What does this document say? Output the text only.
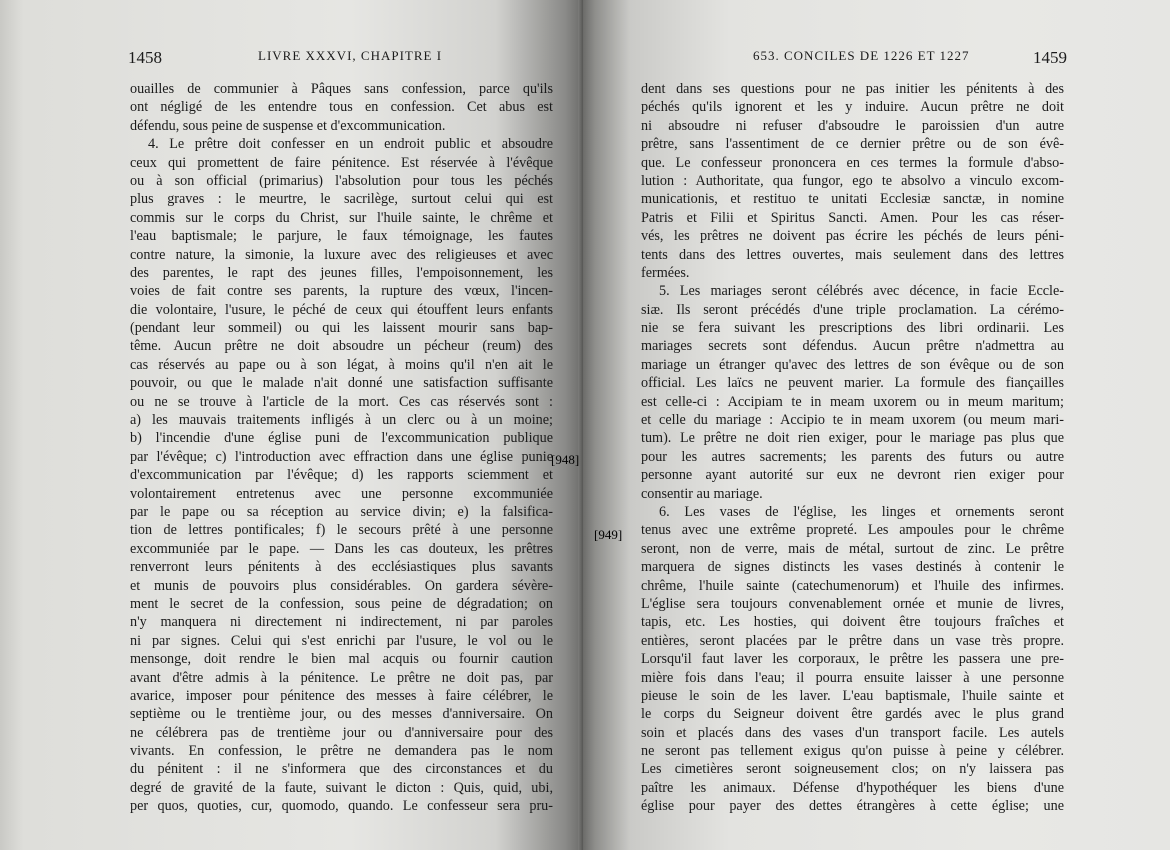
1458	LIVRE XXXVI, CHAPITRE I
ouailles de communier à Pâques sans confession, parce qu'ils
ont négligé de les entendre tous en confession. Cet abus est
défendu, sous peine de suspense et d'excommunication.
4. Le prêtre doit confesser en un endroit public et absoudre
ceux qui promettent de faire pénitence. Est réservée à l'évêque
ou à son official (primarius) l'absolution pour tous les péchés
plus graves : le meurtre, le sacrilège, surtout celui qui est
commis sur le corps du Christ, sur l'huile sainte, le chrême et
l'eau baptismale; le parjure, le faux témoignage, les fautes
contre nature, la simonie, la luxure avec des religieuses et avec
des parentes, le rapt des jeunes filles, l'empoisonnement, les
voies de fait contre ses parents, la rupture des vœux, l'incen-
die volontaire, l'usure, le péché de ceux qui étouffent leurs enfants
(pendant leur sommeil) ou qui les laissent mourir sans bap-
tême. Aucun prêtre ne doit absoudre un pécheur (reum) des
cas réservés au pape ou à son légat, à moins qu'il n'en ait le
pouvoir, ou que le malade n'ait donné une satisfaction suffisante
ou ne se trouve à l'article de la mort. Ces cas réservés sont :
a) les mauvais traitements infligés à un clerc ou à un moine;
b) l'incendie d'une église puni de l'excommunication publique
par l'évêque; c) l'introduction avec effraction dans une église punie
d'excommunication par l'évêque; d) les rapports sciemment et
volontairement entretenus avec une personne excommuniée
par le pape ou sa réception au service divin; e) la falsifica-
tion de lettres pontificales; f) le secours prêté à une personne
excommuniée par le pape. — Dans les cas douteux, les prêtres
renverront leurs pénitents à des ecclésiastiques plus savants
et munis de pouvoirs plus considérables. On gardera sévère-
ment le secret de la confession, sous peine de dégradation; on
n'y manquera ni directement ni indirectement, ni par paroles
ni par signes. Celui qui s'est enrichi par l'usure, le vol ou le
mensonge, doit rendre le bien mal acquis ou fournir caution
avant d'être admis à la pénitence. Le prêtre ne doit pas, par
avarice, imposer pour pénitence des messes à faire célébrer, le
septième ou le trentième jour, ou des messes d'anniversaire. On
ne célébrera pas de trentième jour ou d'anniversaire pour des
vivants. En confession, le prêtre ne demandera pas le nom
du pénitent : il ne s'informera que des circonstances et du
degré de gravité de la faute, suivant le dicton : Quis, quid, ubi,
per quos, quoties, cur, quomodo, quando. Le confesseur sera pru-
653. CONCILES DE 1226 ET 1227	1459
dent dans ses questions pour ne pas initier les pénitents à des
péchés qu'ils ignorent et les y induire. Aucun prêtre ne doit
ni absoudre ni refuser d'absoudre le paroissien d'un autre
prêtre, sans l'assentiment de ce dernier prêtre ou de son évê-
que. Le confesseur prononcera en ces termes la formule d'abso-
lution : Authoritate, qua fungor, ego te absolvo a vinculo excom-
municationis, et restituo te unitati Ecclesiæ sanctæ, in nomine
Patris et Filii et Spiritus Sancti. Amen. Pour les cas réser-
vés, les prêtres ne doivent pas écrire les péchés de leurs péni-
tents dans des lettres ouvertes, mais seulement dans des lettres
fermées.
5. Les mariages seront célébrés avec décence, in facie Eccle-
siæ. Ils seront précédés d'une triple proclamation. La cérémo-
nie se fera suivant les prescriptions des libri ordinarii. Les
mariages secrets sont défendus. Aucun prêtre n'admettra au
mariage un étranger qu'avec des lettres de son évêque ou de son
official. Les laïcs ne peuvent marier. La formule des fiançailles
est celle-ci : Accipiam te in meam uxorem ou in meum maritum;
et celle du mariage : Accipio te in meam uxorem (ou meum mari-
tum). Le prêtre ne doit rien exiger, pour le mariage pas plus que
pour les autres sacrements; les parents des futurs ou autre
personne ayant autorité sur eux ne devront rien exiger pour
consentir au mariage.
6. Les vases de l'église, les linges et ornements seront
tenus avec une extrême propreté. Les ampoules pour le chrême
seront, non de verre, mais de métal, surtout de zinc. Le prêtre
marquera de signes distincts les vases destinés à contenir le
chrême, l'huile sainte (catechumenorum) et l'huile des infirmes.
L'église sera toujours convenablement ornée et munie de livres,
tapis, etc. Les hosties, qui doivent être toujours fraîches et
entières, seront placées par le prêtre dans un vase très propre.
Lorsqu'il faut laver les corporaux, le prêtre les passera une pre-
mière fois dans l'eau; il pourra ensuite laisser à une personne
pieuse le soin de les laver. L'eau baptismale, l'huile sainte et
le corps du Seigneur doivent être gardés avec le plus grand
soin et placés dans des vases d'un transport facile. Les autels
ne seront pas tellement exigus qu'on puisse à peine y célébrer.
Les cimetières seront soigneusement clos; on n'y laissera pas
paître les animaux. Défense d'hypothéquer les biens d'une
église pour payer des dettes étrangères à cette église; une
[948]
[949]
